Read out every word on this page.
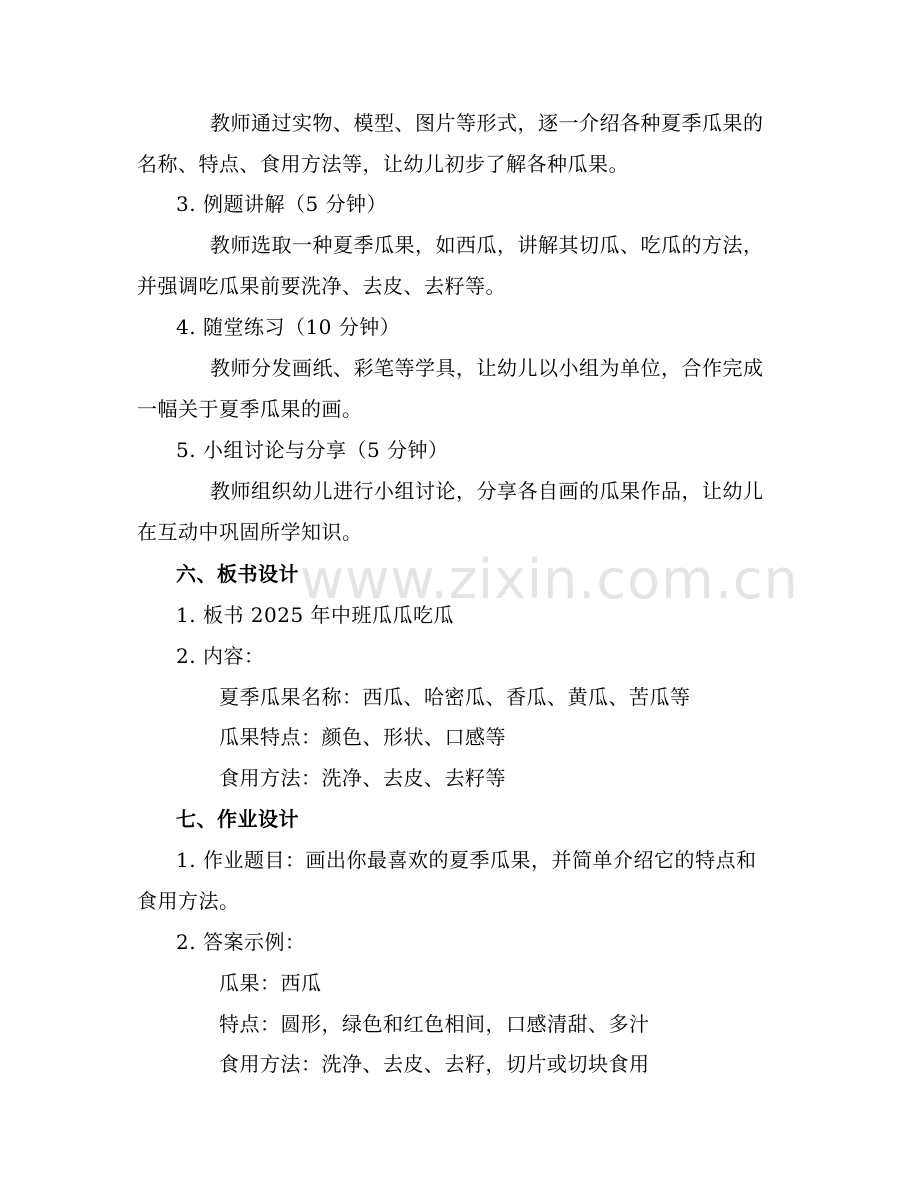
www.zixin.com.cn
教师通过实物、模型、图片等形式，逐一介绍各种夏季瓜果的
名称、特点、食用方法等，让幼儿初步了解各种瓜果。
3. 例题讲解（5 分钟）
教师选取一种夏季瓜果，如西瓜，讲解其切瓜、吃瓜的方法，
并强调吃瓜果前要洗净、去皮、去籽等。
4. 随堂练习（10 分钟）
教师分发画纸、彩笔等学具，让幼儿以小组为单位，合作完成
一幅关于夏季瓜果的画。
5. 小组讨论与分享（5 分钟）
教师组织幼儿进行小组讨论，分享各自画的瓜果作品，让幼儿
在互动中巩固所学知识。
六、板书设计
1. 板书 2025 年中班瓜瓜吃瓜
2. 内容：
夏季瓜果名称：西瓜、哈密瓜、香瓜、黄瓜、苦瓜等
瓜果特点：颜色、形状、口感等
食用方法：洗净、去皮、去籽等
七、作业设计
1. 作业题目：画出你最喜欢的夏季瓜果，并简单介绍它的特点和
食用方法。
2. 答案示例：
瓜果：西瓜
特点：圆形，绿色和红色相间，口感清甜、多汁
食用方法：洗净、去皮、去籽，切片或切块食用
